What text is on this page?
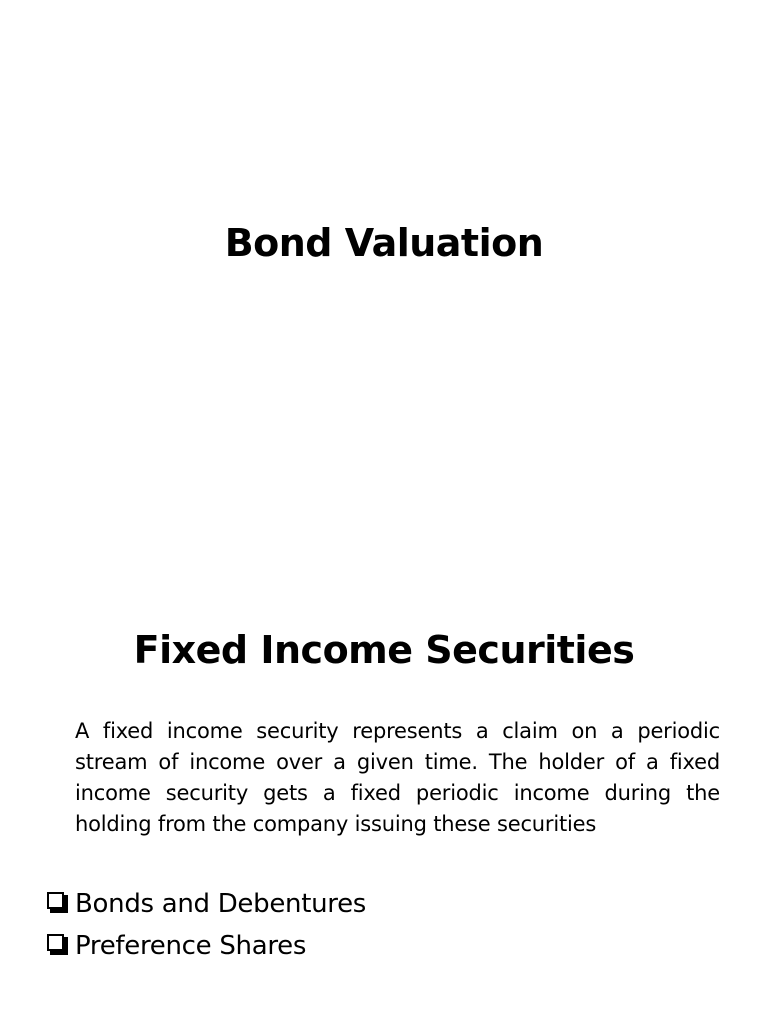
Bond Valuation
Fixed Income Securities

A fixed income security represents a claim on a periodic stream of income over a given time. The holder of a fixed income security gets a fixed periodic income during the holding from the company issuing these securities

Bonds and Debentures
Preference Shares
